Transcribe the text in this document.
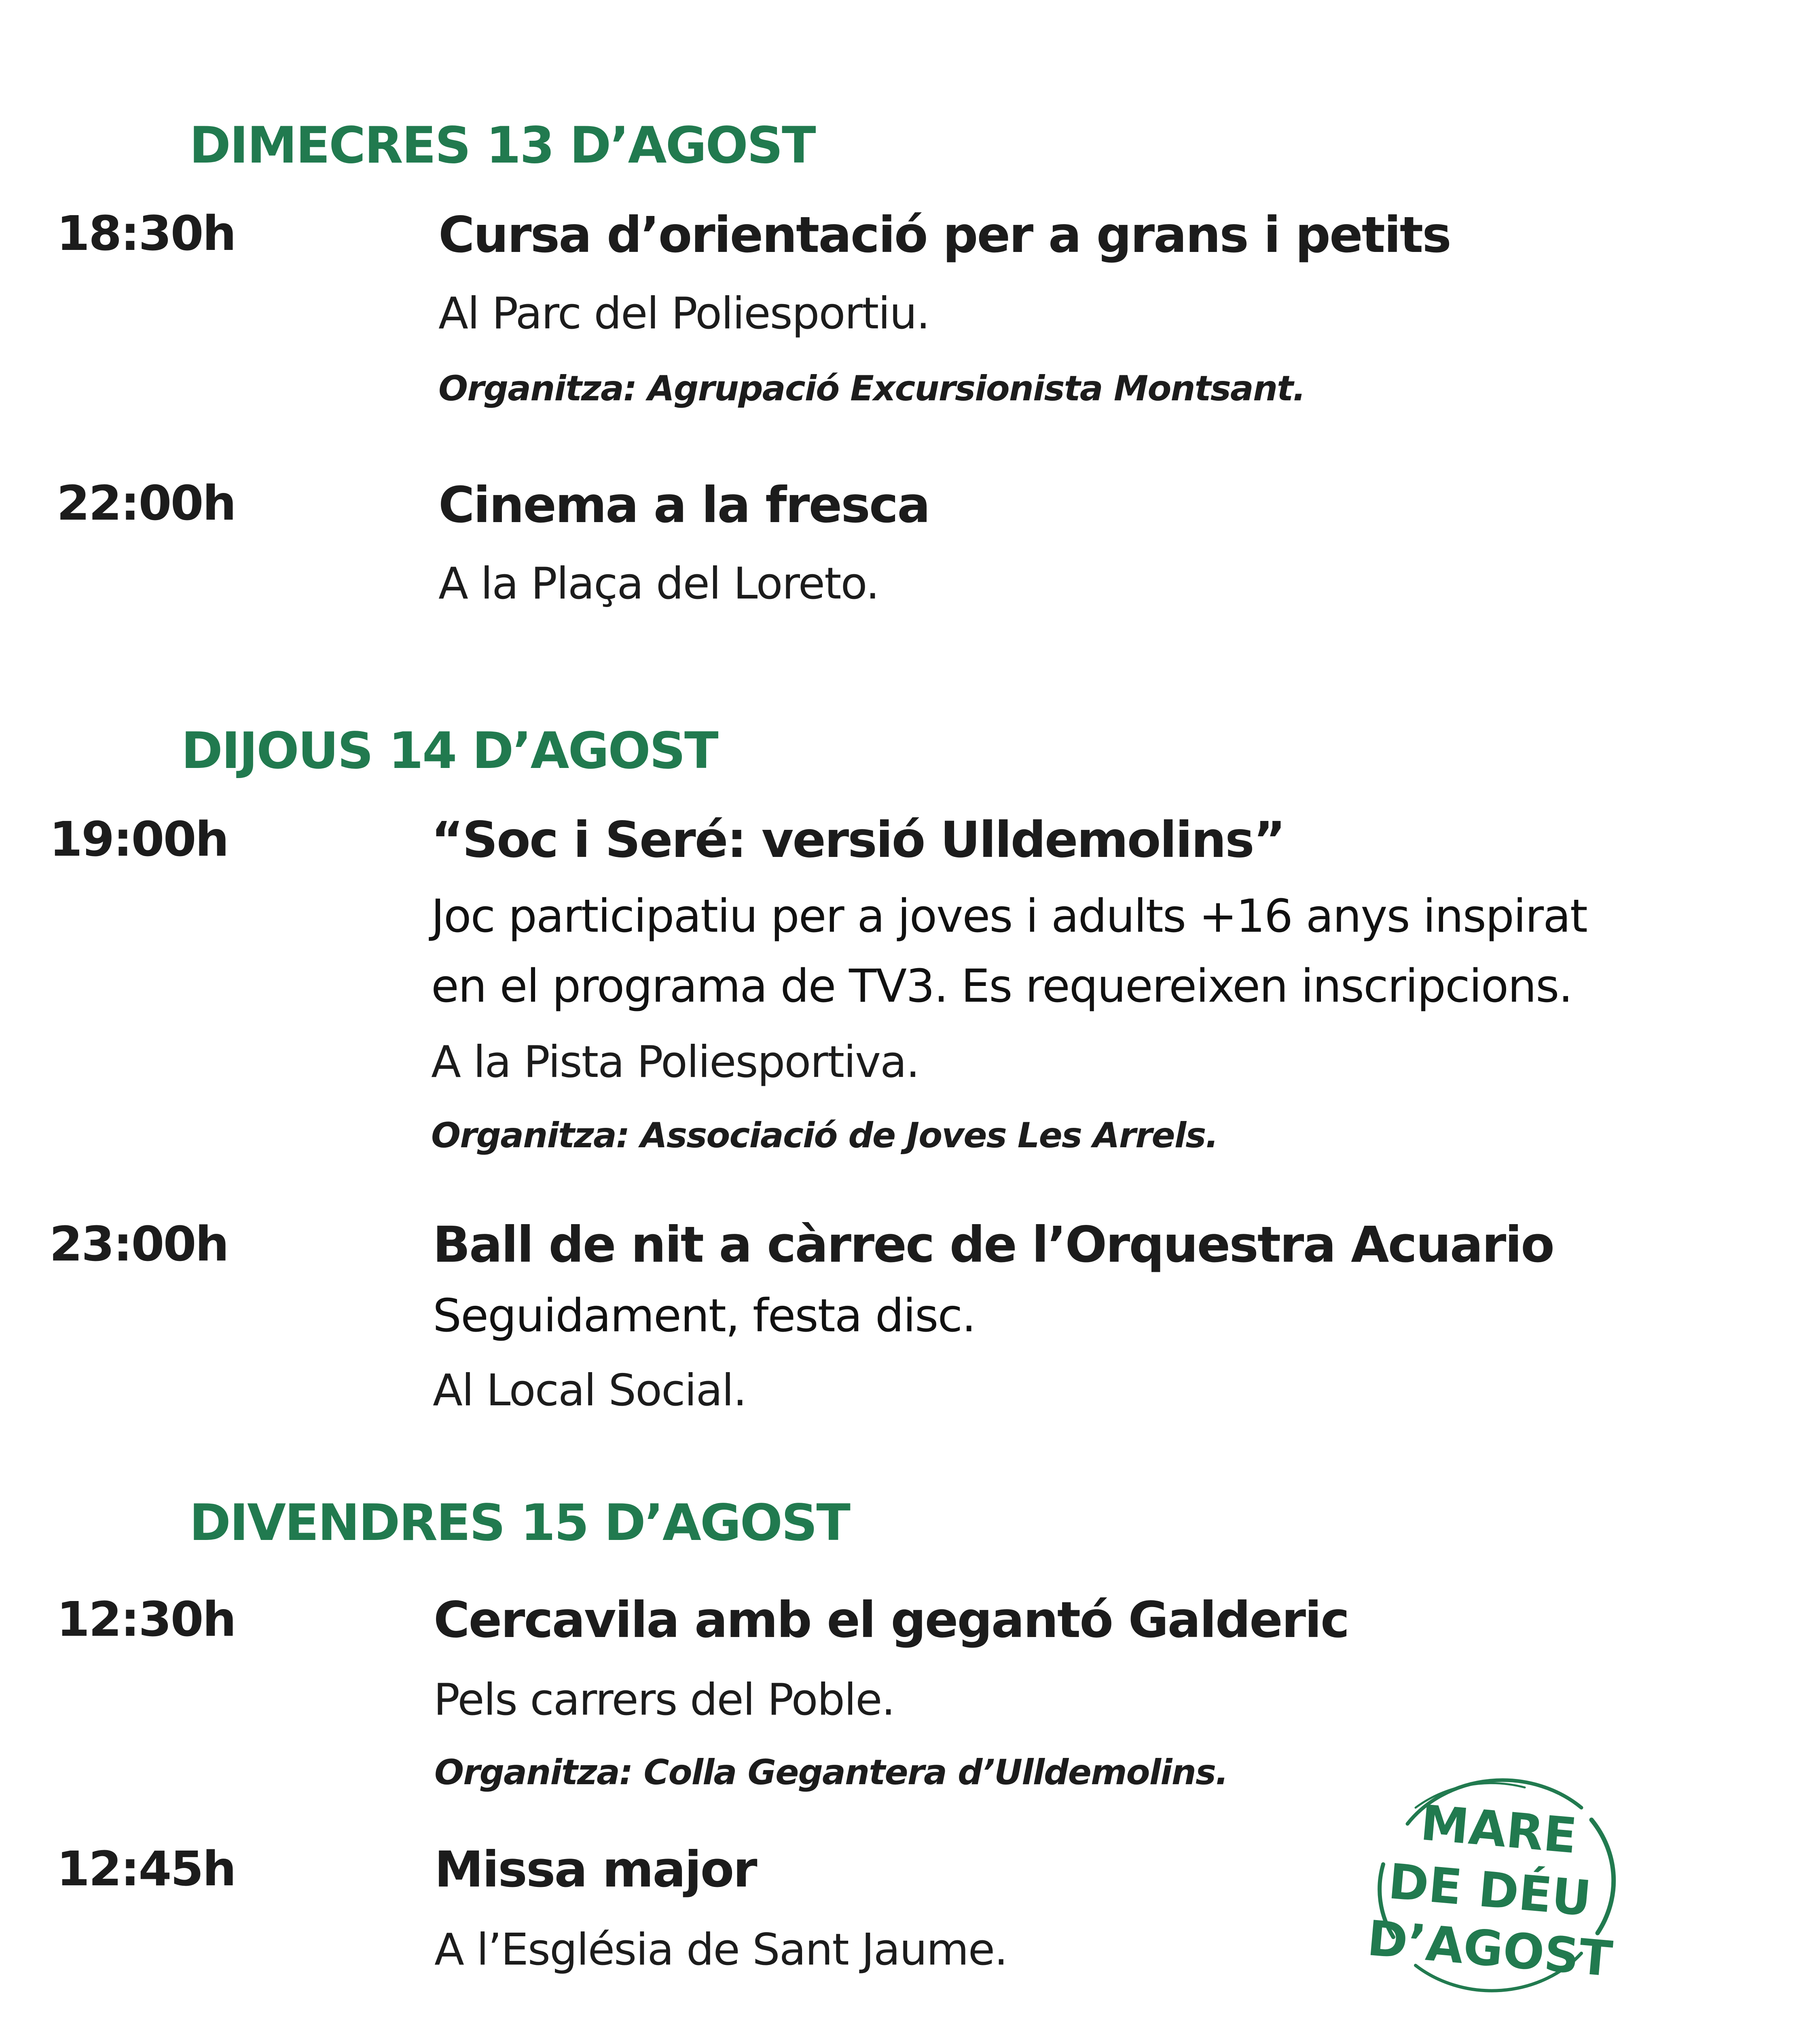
DIMECRES 13 D’AGOST
18:30h	Cursa d’orientació per a grans i petits
Al Parc del Poliesportiu.
Organitza: Agrupació Excursionista Montsant.
22:00h	Cinema a la fresca
A la Plaça del Loreto.
DIJOUS 14 D’AGOST
19:00h	“Soc i Seré: versió Ulldemolins”
Joc participatiu per a joves i adults +16 anys inspirat
en el programa de TV3. Es requereixen inscripcions.
A la Pista Poliesportiva.
Organitza: Associació de Joves Les Arrels.
23:00h	Ball de nit a càrrec de l’Orquestra Acuario
Seguidament, festa disc.
Al Local Social.
DIVENDRES 15 D’AGOST
12:30h	Cercavila amb el gegantó Galderic
Pels carrers del Poble.
Organitza: Colla Gegantera d’Ulldemolins.
12:45h	Missa major
A l’Església de Sant Jaume.
MARE
DE DÉU
D’AGOST
